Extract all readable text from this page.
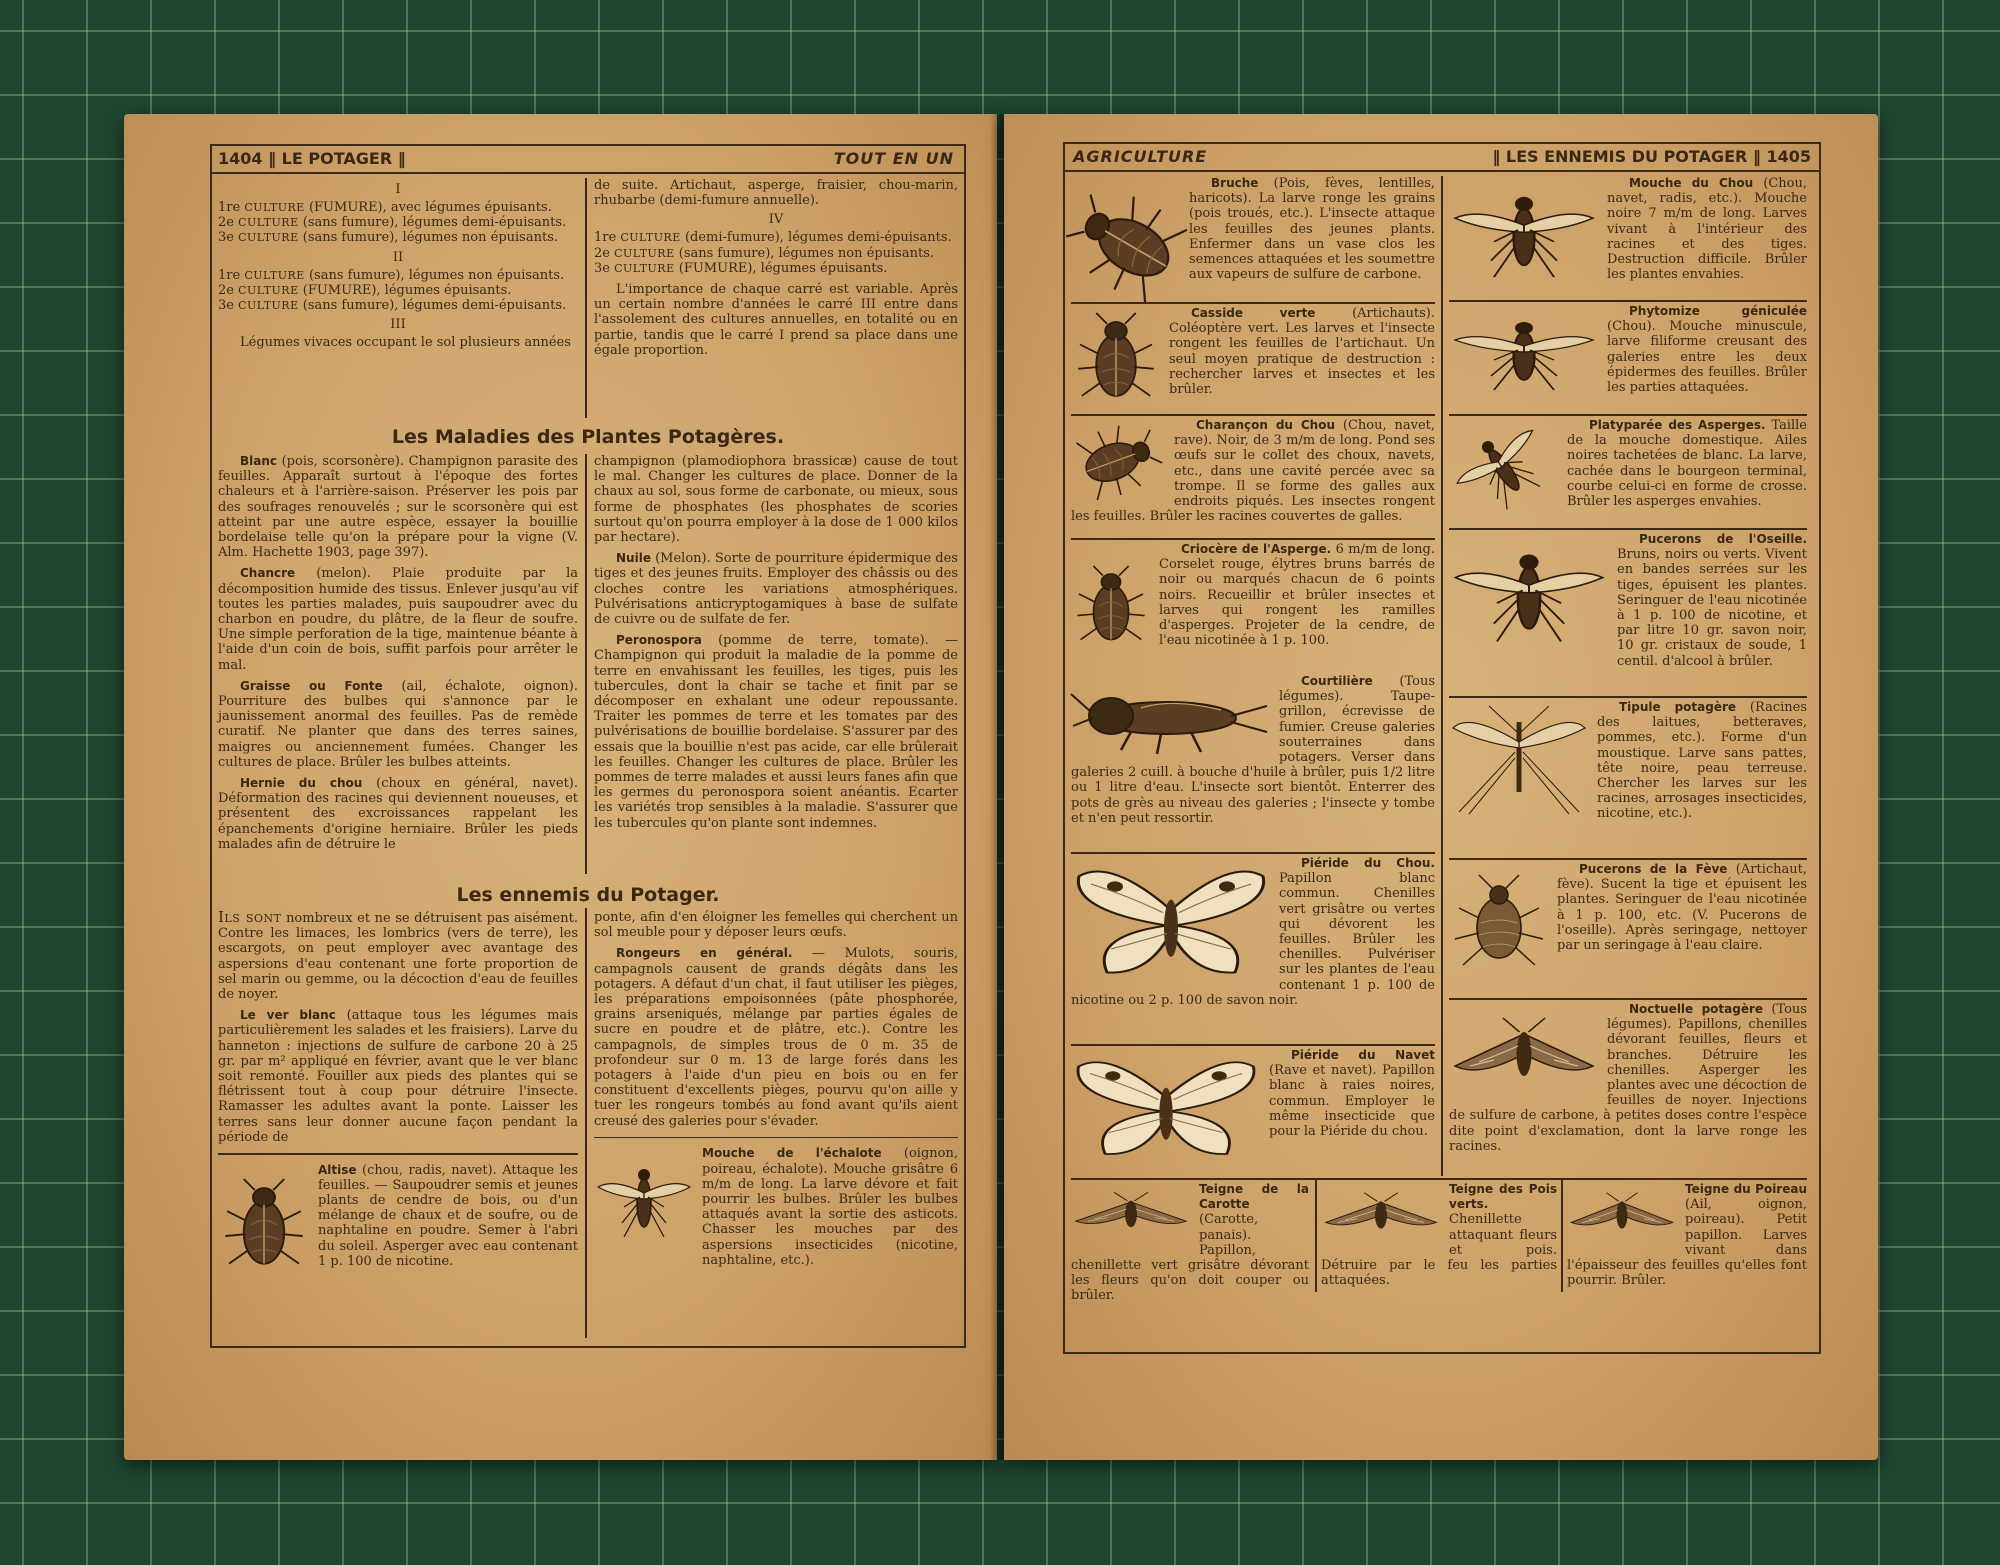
1404 ‖ LE POTAGER ‖	TOUT EN UN
I

1re CULTURE (FUMURE), avec légumes épuisants.

2e CULTURE (sans fumure), légumes demi-épuisants.

3e CULTURE (sans fumure), légumes non épuisants.

II

1re CULTURE (sans fumure), légumes non épuisants.

2e CULTURE (FUMURE), légumes épuisants.

3e CULTURE (sans fumure), légumes demi-épuisants.

III

Légumes vivaces occupant le sol plusieurs années

de suite. Artichaut, asperge, fraisier, chou-marin, rhubarbe (demi-fumure annuelle).

IV

1re CULTURE (demi-fumure), légumes demi-épuisants.

2e CULTURE (sans fumure), légumes non épuisants.

3e CULTURE (FUMURE), légumes épuisants.

L'importance de chaque carré est variable. Après un certain nombre d'années le carré III entre dans l'assolement des cultures annuelles, en totalité ou en partie, tandis que le carré I prend sa place dans une égale proportion.

Les Maladies des Plantes Potagères.

Blanc (pois, scorsonère). Champignon parasite des feuilles. Apparaît surtout à l'époque des fortes chaleurs et à l'arrière-saison. Préserver les pois par des soufrages renouvelés ; sur le scorsonère qui est atteint par une autre espèce, essayer la bouillie bordelaise telle qu'on la prépare pour la vigne (V. Alm. Hachette 1903, page 397).

Chancre (melon). Plaie produite par la décomposition humide des tissus. Enlever jusqu'au vif toutes les parties malades, puis saupoudrer avec du charbon en poudre, du plâtre, de la fleur de soufre. Une simple perforation de la tige, maintenue béante à l'aide d'un coin de bois, suffit parfois pour arrêter le mal.

Graisse ou Fonte (ail, échalote, oignon). Pourriture des bulbes qui s'annonce par le jaunissement anormal des feuilles. Pas de remède curatif. Ne planter que dans des terres saines, maigres ou anciennement fumées. Changer les cultures de place. Brûler les bulbes atteints.

Hernie du chou (choux en général, navet). Déformation des racines qui deviennent noueuses, et présentent des excroissances rappelant les épanchements d'origine herniaire. Brûler les pieds malades afin de détruire le

champignon (plamodiophora brassicæ) cause de tout le mal. Changer les cultures de place. Donner de la chaux au sol, sous forme de carbonate, ou mieux, sous forme de phosphates (les phosphates de scories surtout qu'on pourra employer à la dose de 1 000 kilos par hectare).

Nuile (Melon). Sorte de pourriture épidermique des tiges et des jeunes fruits. Employer des châssis ou des cloches contre les variations atmosphériques. Pulvérisations anticryptogamiques à base de sulfate de cuivre ou de sulfate de fer.

Peronospora (pomme de terre, tomate). — Champignon qui produit la maladie de la pomme de terre en envahissant les feuilles, les tiges, puis les tubercules, dont la chair se tache et finit par se décomposer en exhalant une odeur repoussante. Traiter les pommes de terre et les tomates par des pulvérisations de bouillie bordelaise. S'assurer par des essais que la bouillie n'est pas acide, car elle brûlerait les feuilles. Changer les cultures de place. Brûler les pommes de terre malades et aussi leurs fanes afin que les germes du peronospora soient anéantis. Ecarter les variétés trop sensibles à la maladie. S'assurer que les tubercules qu'on plante sont indemnes.

Les ennemis du Potager.

Ils sont nombreux et ne se détruisent pas aisément. Contre les limaces, les lombrics (vers de terre), les escargots, on peut employer avec avantage des aspersions d'eau contenant une forte proportion de sel marin ou gemme, ou la décoction d'eau de feuilles de noyer.

Le ver blanc (attaque tous les légumes mais particulièrement les salades et les fraisiers). Larve du hanneton : injections de sulfure de carbone 20 à 25 gr. par m² appliqué en février, avant que le ver blanc soit remonté. Fouiller aux pieds des plantes qui se flétrissent tout à coup pour détruire l'insecte. Ramasser les adultes avant la ponte. Laisser les terres sans leur donner aucune façon pendant la période de

Altise (chou, radis, navet). Attaque les feuilles. — Saupoudrer semis et jeunes plants de cendre de bois, ou d'un mélange de chaux et de soufre, ou de naphtaline en poudre. Semer à l'abri du soleil. Asperger avec eau contenant 1 p. 100 de nicotine.

ponte, afin d'en éloigner les femelles qui cherchent un sol meuble pour y déposer leurs œufs.

Rongeurs en général. — Mulots, souris, campagnols causent de grands dégâts dans les potagers. A défaut d'un chat, il faut utiliser les pièges, les préparations empoisonnées (pâte phosphorée, grains arseniqués, mélange par parties égales de sucre en poudre et de plâtre, etc.). Contre les campagnols, de simples trous de 0 m. 35 de profondeur sur 0 m. 13 de large forés dans les potagers à l'aide d'un pieu en bois ou en fer constituent d'excellents pièges, pourvu qu'on aille y tuer les rongeurs tombés au fond avant qu'ils aient creusé des galeries pour s'évader.

Mouche de l'échalote (oignon, poireau, échalote). Mouche grisâtre 6 m/m de long. La larve dévore et fait pourrir les bulbes. Brûler les bulbes attaqués avant la sortie des asticots. Chasser les mouches par des aspersions insecticides (nicotine, naphtaline, etc.).

AGRICULTURE	‖ LES ENNEMIS DU POTAGER ‖ 1405

Bruche (Pois, fèves, lentilles, haricots). La larve ronge les grains (pois troués, etc.). L'insecte attaque les feuilles des jeunes plants. Enfermer dans un vase clos les semences attaquées et les soumettre aux vapeurs de sulfure de carbone.

Casside verte	(Artichauts). Coléoptère vert. Les larves et l'insecte rongent les feuilles de l'artichaut. Un seul moyen pratique de destruction : rechercher larves et insectes et les brûler.

Charançon du Chou (Chou, navet, rave). Noir, de 3 m/m de long. Pond ses œufs sur le collet des choux, navets, etc., dans une cavité percée avec sa trompe. Il se forme des galles aux endroits piqués. Les insectes rongent les feuilles. Brûler les racines couvertes de galles.

Criocère de l'Asperge. 6 m/m de long. Corselet rouge, élytres bruns barrés de noir ou marqués chacun de 6 points noirs. Recueillir et brûler insectes et larves qui rongent les ramilles d'asperges. Projeter de la cendre, de l'eau nicotinée à 1 p. 100.

Courtilière (Tous légumes). Taupe-grillon, écrevisse de fumier. Creuse galeries souterraines dans potagers. Verser dans galeries 2 cuill. à bouche d'huile à brûler, puis 1/2 litre ou 1 litre d'eau. L'insecte sort bientôt. Enterrer des pots de grès au niveau des galeries ; l'insecte y tombe et n'en peut ressortir.

Piéride du Chou. Papillon blanc commun. Chenilles vert grisâtre ou vertes qui dévorent les feuilles. Brûler les chenilles. Pulvériser sur les plantes de l'eau contenant 1 p. 100 de nicotine ou 2 p. 100 de savon noir.

Piéride du Navet (Rave et navet). Papillon blanc à raies noires, commun. Employer le même insecticide que pour la Piéride du chou.

Mouche du Chou (Chou, navet, radis, etc.). Mouche noire 7 m/m de long. Larves vivant à l'intérieur des racines et des tiges. Destruction difficile. Brûler les plantes envahies.

Phytomize géniculée (Chou). Mouche minuscule, larve filiforme creusant des galeries entre les deux épidermes des feuilles. Brûler les parties attaquées.

Platyparée des Asperges. Taille de la mouche domestique. Ailes noires tachetées de blanc. La larve, cachée dans le bourgeon terminal, courbe celui-ci en forme de crosse. Brûler les asperges envahies.

Pucerons de l'Oseille. Bruns, noirs ou verts. Vivent en bandes serrées sur les tiges, épuisent les plantes. Seringuer de l'eau nicotinée à 1 p. 100 de nicotine, et par litre 10 gr. savon noir, 10 gr. cristaux de soude, 1 centil. d'alcool à brûler.

Tipule potagère (Racines des laitues, betteraves, pommes, etc.). Forme d'un moustique. Larve sans pattes, tête noire, peau terreuse. Chercher les larves sur les racines, arrosages insecticides, nicotine, etc.).

Pucerons de la Fève (Artichaut, fève). Sucent la tige et épuisent les plantes. Seringuer de l'eau nicotinée à 1 p. 100, etc. (V. Pucerons de l'oseille). Après seringage, nettoyer par un seringage à l'eau claire.

Noctuelle potagère (Tous légumes). Papillons, chenilles dévorant feuilles, fleurs et branches. Détruire les chenilles. Asperger les plantes avec une décoction de feuilles de noyer. Injections de sulfure de carbone, à petites doses contre l'espèce dite point d'exclamation, dont la larve ronge les racines.

Teigne de la Carotte (Carotte, panais). Papillon, chenillette vert grisâtre dévorant les fleurs qu'on doit couper ou brûler.

Teigne des Pois verts. Chenillette attaquant fleurs et pois. Détruire par le feu les parties attaquées.

Teigne du Poireau (Ail, oignon, poireau). Petit papillon. Larves vivant dans l'épaisseur des feuilles qu'elles font pourrir. Brûler.
